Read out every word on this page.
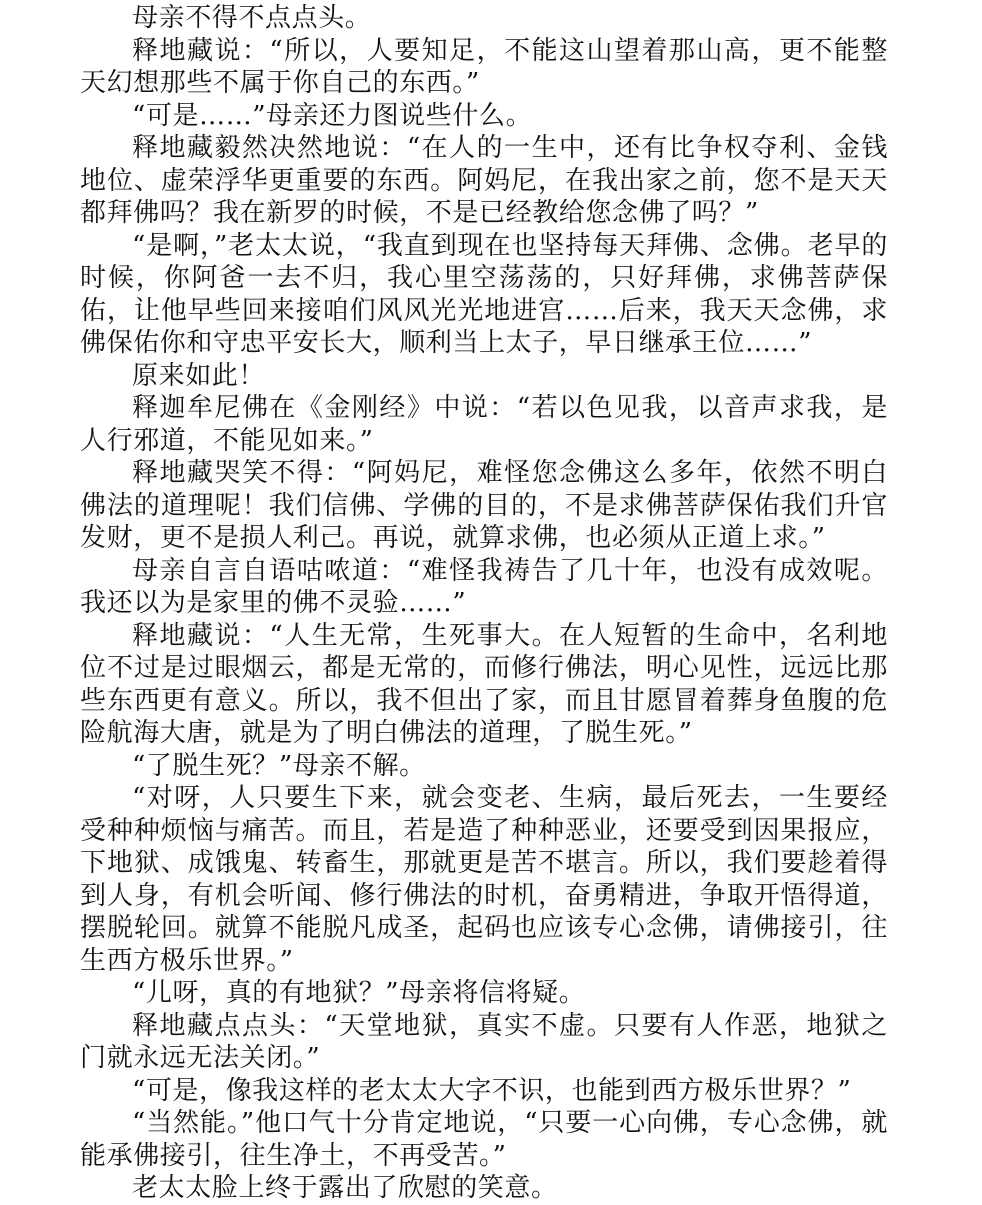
母亲不得不点点头。

释地藏说：“所以，人要知足，不能这山望着那山高，更不能整天幻想那些不属于你自己的东西。”

“可是……”母亲还力图说些什么。

释地藏毅然决然地说：“在人的一生中，还有比争权夺利、金钱地位、虚荣浮华更重要的东西。阿妈尼，在我出家之前，您不是天天都拜佛吗？我在新罗的时候，不是已经教给您念佛了吗？”

“是啊，”老太太说，“我直到现在也坚持每天拜佛、念佛。老早的时候，你阿爸一去不归，我心里空荡荡的，只好拜佛，求佛菩萨保佑，让他早些回来接咱们风风光光地进宫……后来，我天天念佛，求佛保佑你和守忠平安长大，顺利当上太子，早日继承王位……”

原来如此！

释迦牟尼佛在《金刚经》中说：“若以色见我，以音声求我，是人行邪道，不能见如来。”

释地藏哭笑不得：“阿妈尼，难怪您念佛这么多年，依然不明白佛法的道理呢！我们信佛、学佛的目的，不是求佛菩萨保佑我们升官发财，更不是损人利己。再说，就算求佛，也必须从正道上求。”

母亲自言自语咕哝道：“难怪我祷告了几十年，也没有成效呢。我还以为是家里的佛不灵验……”

释地藏说：“人生无常，生死事大。在人短暂的生命中，名利地位不过是过眼烟云，都是无常的，而修行佛法，明心见性，远远比那些东西更有意义。所以，我不但出了家，而且甘愿冒着葬身鱼腹的危险航海大唐，就是为了明白佛法的道理，了脱生死。”

“了脱生死？”母亲不解。

“对呀，人只要生下来，就会变老、生病，最后死去，一生要经受种种烦恼与痛苦。而且，若是造了种种恶业，还要受到因果报应，下地狱、成饿鬼、转畜生，那就更是苦不堪言。所以，我们要趁着得到人身，有机会听闻、修行佛法的时机，奋勇精进，争取开悟得道，摆脱轮回。就算不能脱凡成圣，起码也应该专心念佛，请佛接引，往生西方极乐世界。”

“儿呀，真的有地狱？”母亲将信将疑。

释地藏点点头：“天堂地狱，真实不虚。只要有人作恶，地狱之门就永远无法关闭。”

“可是，像我这样的老太太大字不识，也能到西方极乐世界？”

“当然能。”他口气十分肯定地说，“只要一心向佛，专心念佛，就能承佛接引，往生净土，不再受苦。”

老太太脸上终于露出了欣慰的笑意。
